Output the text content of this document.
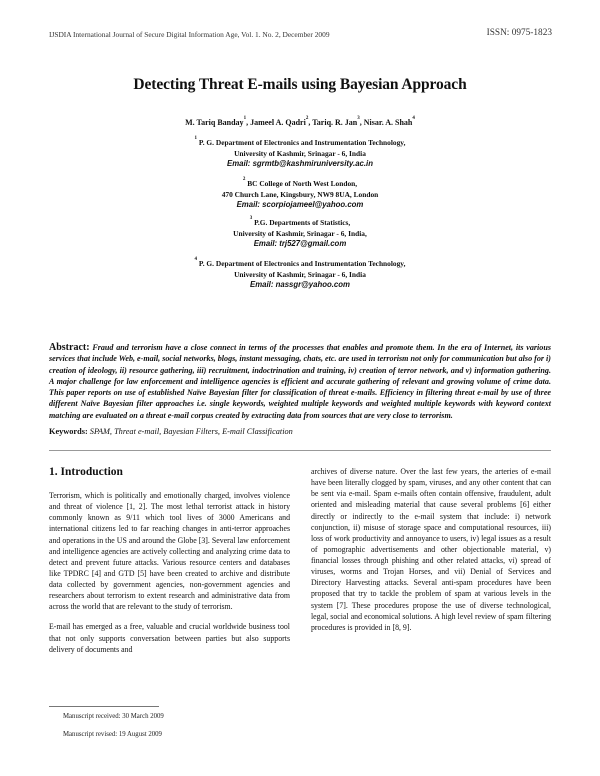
IJSDIA International Journal of Secure Digital Information Age, Vol. 1. No. 2, December 2009	ISSN: 0975-1823
Detecting Threat E-mails using Bayesian Approach
M. Tariq Banday$^1$, Jameel A. Qadri$^2$, Tariq. R. Jan$^3$, Nisar. A. Shah$^4$
$^1$ P. G. Department of Electronics and Instrumentation Technology,
University of Kashmir, Srinagar - 6, India
Email: sgrmtb@kashmiruniversity.ac.in
$^2$ BC College of North West London,
470 Church Lane, Kingsbury, NW9 8UA, London
Email: scorpiojameel@yahoo.com
$^3$ P.G. Departments of Statistics,
University of Kashmir, Srinagar - 6, India,
Email: trj527@gmail.com
$^4$ P. G. Department of Electronics and Instrumentation Technology,
University of Kashmir, Srinagar - 6, India
Email: nassgr@yahoo.com
Abstract: Fraud and terrorism have a close connect in terms of the processes that enables and promote them. In the era of Internet, its various services that include Web, e-mail, social networks, blogs, instant messaging, chats, etc. are used in terrorism not only for communication but also for i) creation of ideology, ii) resource gathering, iii) recruitment, indoctrination and training, iv) creation of terror network, and v) information gathering. A major challenge for law enforcement and intelligence agencies is efficient and accurate gathering of relevant and growing volume of crime data. This paper reports on use of established Naïve Bayesian filter for classification of threat e-mails. Efficiency in filtering threat e-mail by use of three different Naïve Bayesian filter approaches i.e. single keywords, weighted multiple keywords and weighted multiple keywords with keyword context matching are evaluated on a threat e-mail corpus created by extracting data from sources that are very close to terrorism.
Keywords: SPAM, Threat e-mail, Bayesian Filters, E-mail Classification
1. Introduction

Terrorism, which is politically and emotionally charged, involves violence and threat of violence [1, 2]. The most lethal terrorist attack in history commonly known as 9/11 which tool lives of 3000 Americans and international citizens led to far reaching changes in anti-terror approaches and operations in the US and around the Globe [3]. Several law enforcement and intelligence agencies are actively collecting and analyzing crime data to detect and prevent future attacks. Various resource centers and databases like TPDRC [4] and GTD [5] have been created to archive and distribute data collected by government agencies, non-government agencies and researchers about terrorism to extent research and administrative data from across the world that are relevant to the study of terrorism.

E-mail has emerged as a free, valuable and crucial worldwide business tool that not only supports conversation between parties but also supports delivery of documents and

archives of diverse nature. Over the last few years, the arteries of e-mail have been literally clogged by spam, viruses, and any other content that can be sent via e-mail. Spam e-mails often contain offensive, fraudulent, adult oriented and misleading material that cause several problems [6] either directly or indirectly to the e-mail system that include: i) network conjunction, ii) misuse of storage space and computational resources, iii) loss of work productivity and annoyance to users, iv) legal issues as a result of pornographic advertisements and other objectionable material, v) financial losses through phishing and other related attacks, vi) spread of viruses, worms and Trojan Horses, and vii) Denial of Services and Directory Harvesting attacks. Several anti-spam procedures have been proposed that try to tackle the problem of spam at various levels in the system [7]. These procedures propose the use of diverse technological, legal, social and economical solutions. A high level review of spam filtering procedures is provided in [8, 9].

Manuscript received: 30 March 2009
Manuscript revised: 19 August 2009
